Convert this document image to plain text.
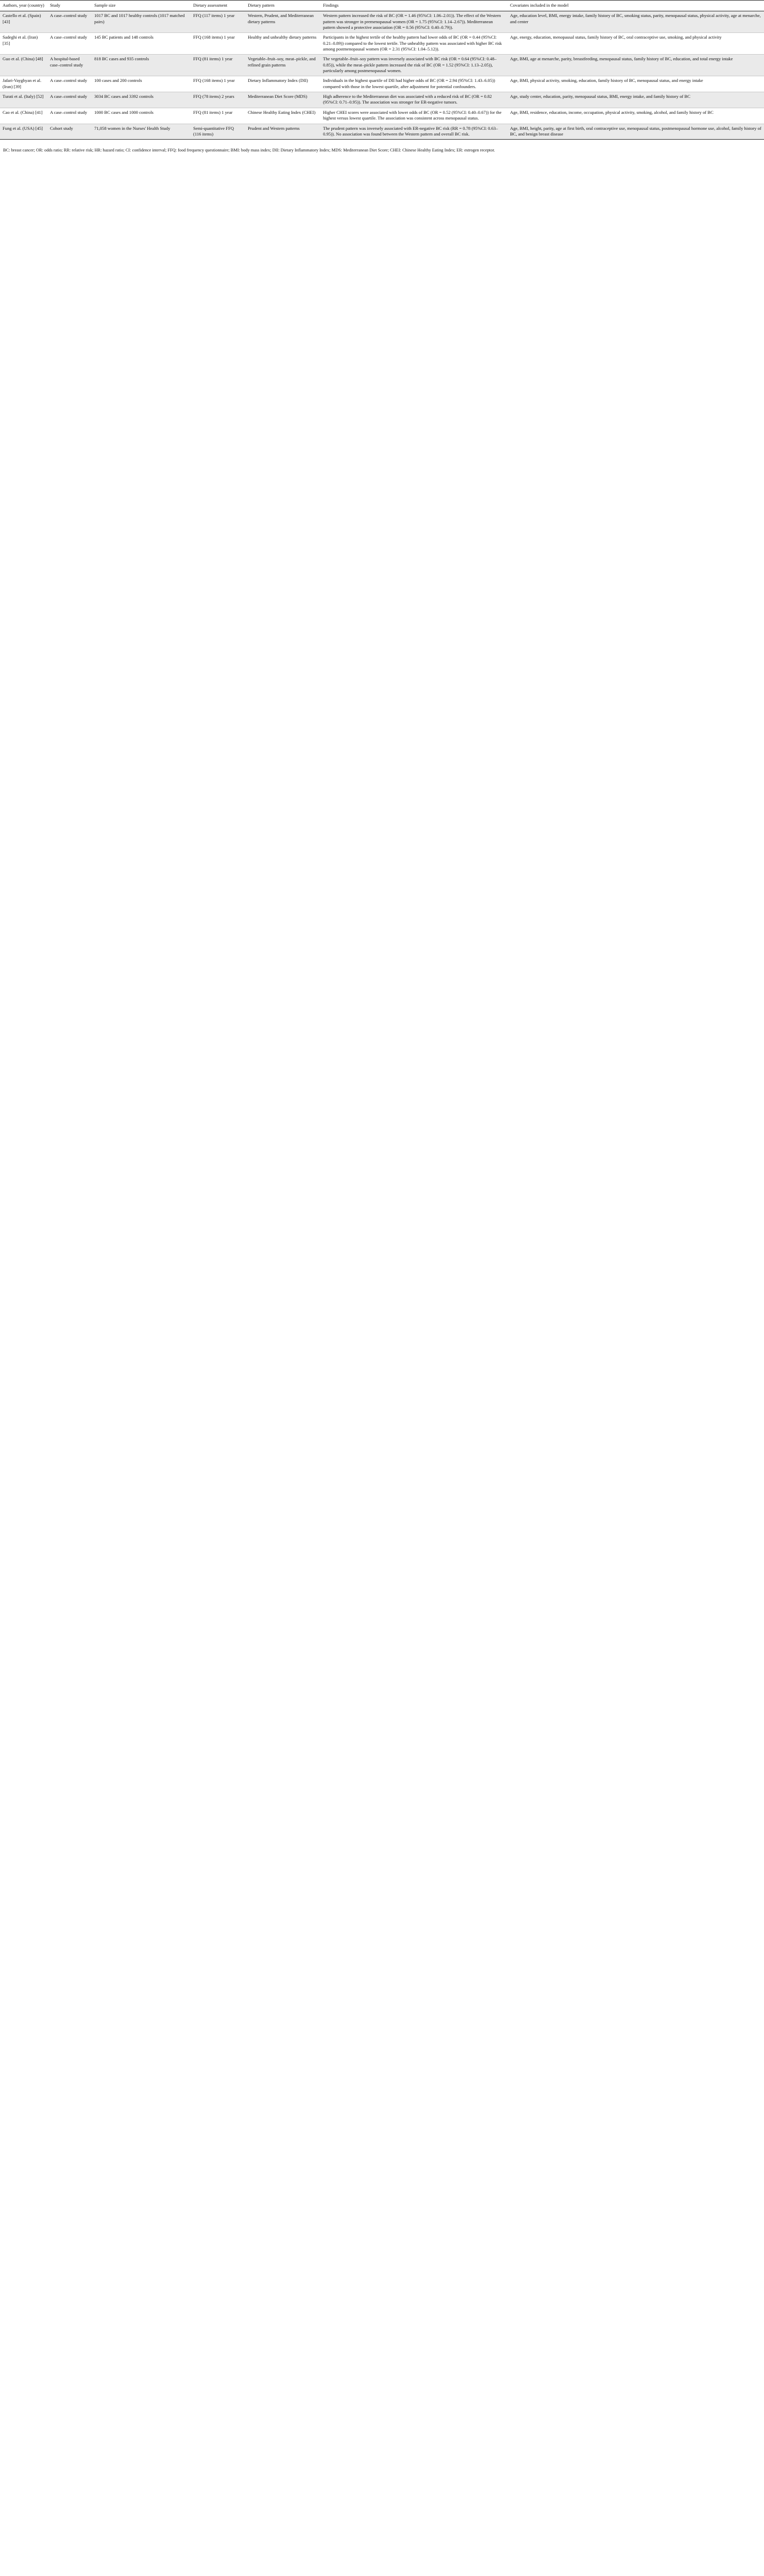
Authors, year (country)	Study	Sample size	Dietary assessment	Dietary pattern	Findings	Covariates included in the model
Castello et al. (Spain) [43]	A case–control study	1017 BC and 1017 healthy controls (1017 matched pairs)	FFQ (117 items) 1 year	Western, Prudent, and Mediterranean dietary patterns	Western pattern increased the risk of BC (OR = 1.46 (95%CI: 1.06–2.01)). The effect of the Western pattern was stronger in premenopausal women (OR = 1.75 (95%CI: 1.14–2.67)). Mediterranean pattern showed a protective association (OR = 0.56 (95%CI: 0.40–0.79)).	Age, education level, BMI, energy intake, family history of BC, smoking status, parity, menopausal status, physical activity, age at menarche, and center
Sadeghi et al. (Iran) [35]	A case–control study	145 BC patients and 148 controls	FFQ (168 items) 1 year	Healthy and unhealthy dietary patterns	Participants in the highest tertile of the healthy pattern had lower odds of BC (OR = 0.44 (95%CI: 0.21–0.89)) compared to the lowest tertile. The unhealthy pattern was associated with higher BC risk among postmenopausal women (OR = 2.31 (95%CI: 1.04–5.12)).	Age, energy, education, menopausal status, family history of BC, oral contraceptive use, smoking, and physical activity
Guo et al. (China) [48]	A hospital-based case–control study	818 BC cases and 935 controls	FFQ (81 items) 1 year	Vegetable–fruit–soy, meat–pickle, and refined grain patterns	The vegetable–fruit–soy pattern was inversely associated with BC risk (OR = 0.64 (95%CI: 0.48–0.85)), while the meat–pickle pattern increased the risk of BC (OR = 1.52 (95%CI: 1.13–2.05)), particularly among postmenopausal women.	Age, BMI, age at menarche, parity, breastfeeding, menopausal status, family history of BC, education, and total energy intake
Jafari-Vayghyan et al. (Iran) [39]	A case–control study	100 cases and 200 controls	FFQ (168 items) 1 year	Dietary Inflammatory Index (DII)	Individuals in the highest quartile of DII had higher odds of BC (OR = 2.94 (95%CI: 1.43–6.05)) compared with those in the lowest quartile, after adjustment for potential confounders.	Age, BMI, physical activity, smoking, education, family history of BC, menopausal status, and energy intake
Turati et al. (Italy) [52]	A case–control study	3034 BC cases and 3392 controls	FFQ (78 items) 2 years	Mediterranean Diet Score (MDS)	High adherence to the Mediterranean diet was associated with a reduced risk of BC (OR = 0.82 (95%CI: 0.71–0.95)). The association was stronger for ER-negative tumors.	Age, study center, education, parity, menopausal status, BMI, energy intake, and family history of BC
Cao et al. (China) [41]	A case–control study	1000 BC cases and 1000 controls	FFQ (81 items) 1 year	Chinese Healthy Eating Index (CHEI)	Higher CHEI scores were associated with lower odds of BC (OR = 0.52 (95%CI: 0.40–0.67)) for the highest versus lowest quartile. The association was consistent across menopausal status.	Age, BMI, residence, education, income, occupation, physical activity, smoking, alcohol, and family history of BC
Fung et al. (USA) [45]	Cohort study	71,058 women in the Nurses' Health Study	Semi-quantitative FFQ (116 items)	Prudent and Western patterns	The prudent pattern was inversely associated with ER-negative BC risk (RR = 0.78 (95%CI: 0.63–0.95)). No association was found between the Western pattern and overall BC risk.	Age, BMI, height, parity, age at first birth, oral contraceptive use, menopausal status, postmenopausal hormone use, alcohol, family history of BC, and benign breast disease

BC: breast cancer; OR: odds ratio; RR: relative risk; HR: hazard ratio; CI: confidence interval; FFQ: food frequency questionnaire; BMI: body mass index; DII: Dietary Inflammatory Index; MDS: Mediterranean Diet Score; CHEI: Chinese Healthy Eating Index; ER: estrogen receptor.
